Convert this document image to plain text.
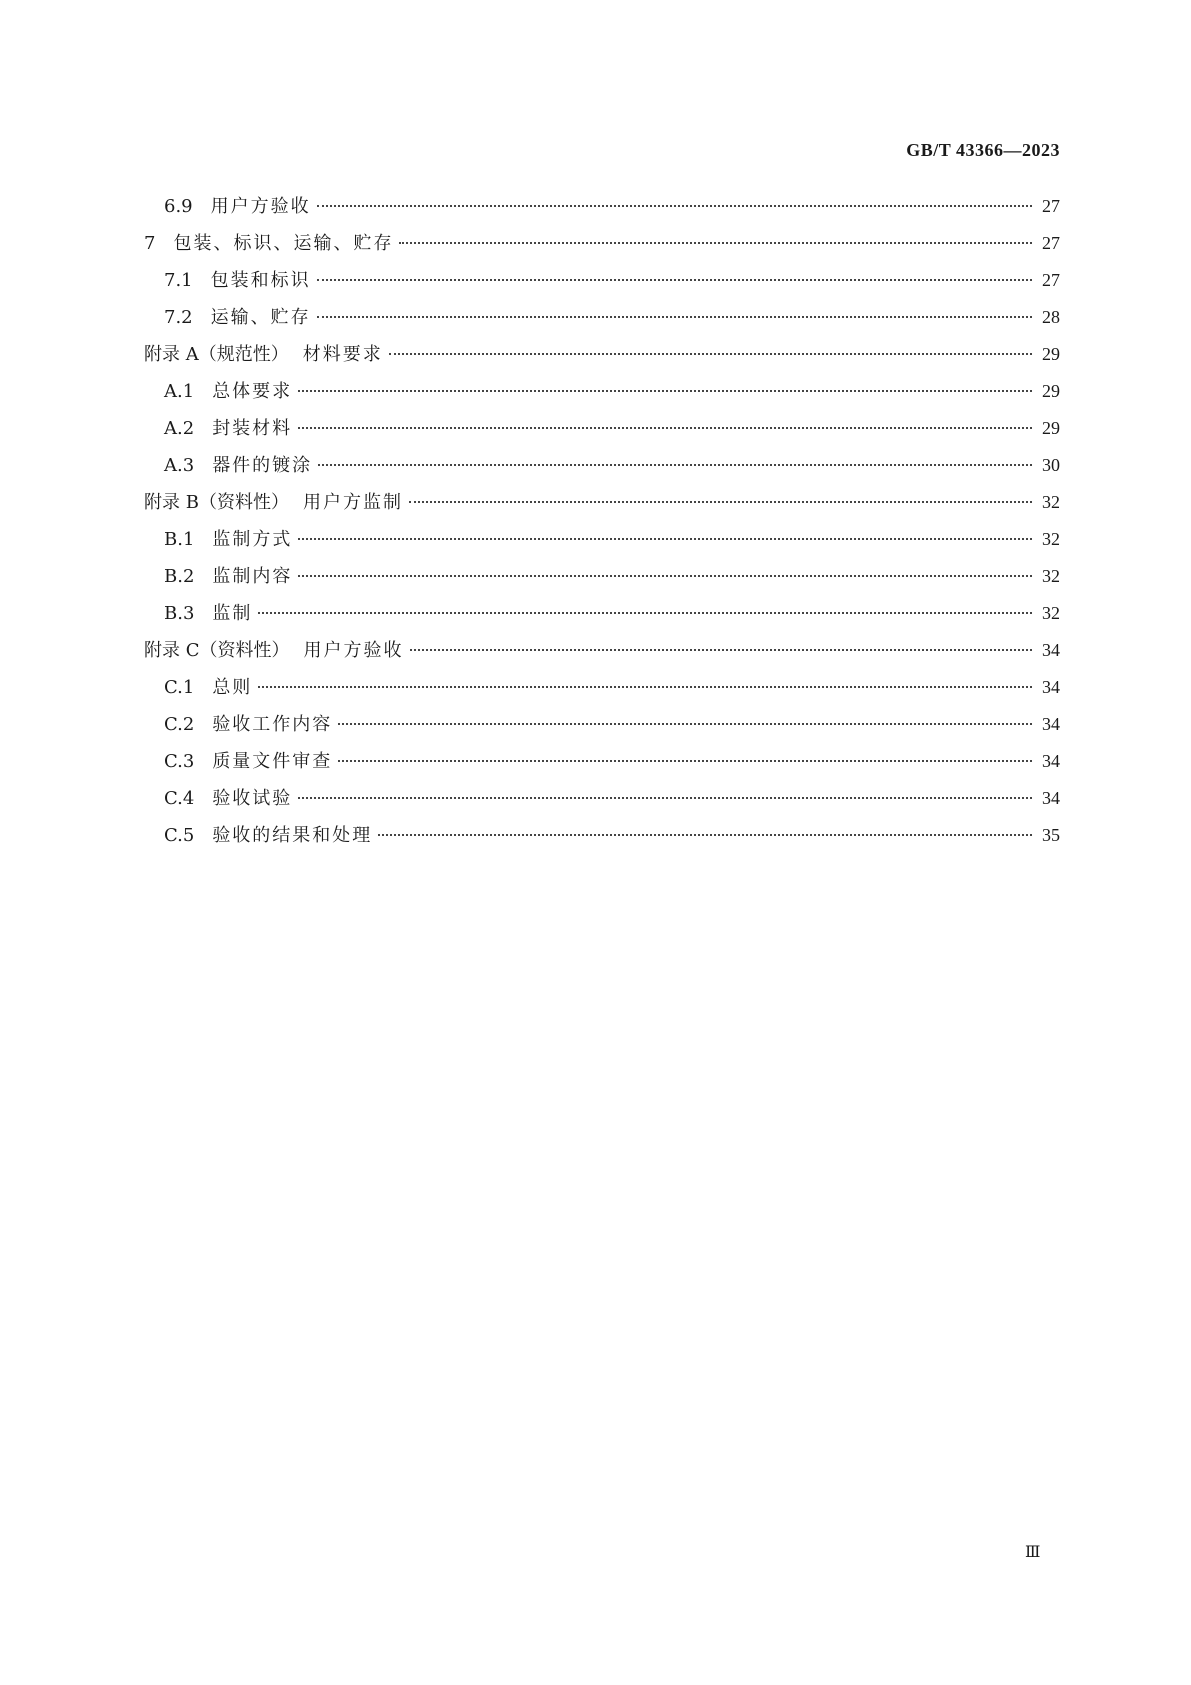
GB/T 43366—2023
6.9 用户方验收	27
7 包装、标识、运输、贮存	27
7.1 包装和标识	27
7.2 运输、贮存	28
附录 A（规范性） 材料要求	29
A.1 总体要求	29
A.2 封装材料	29
A.3 器件的镀涂	30
附录 B（资料性） 用户方监制	32
B.1 监制方式	32
B.2 监制内容	32
B.3 监制	32
附录 C（资料性） 用户方验收	34
C.1 总则	34
C.2 验收工作内容	34
C.3 质量文件审查	34
C.4 验收试验	34
C.5 验收的结果和处理	35
Ⅲ
